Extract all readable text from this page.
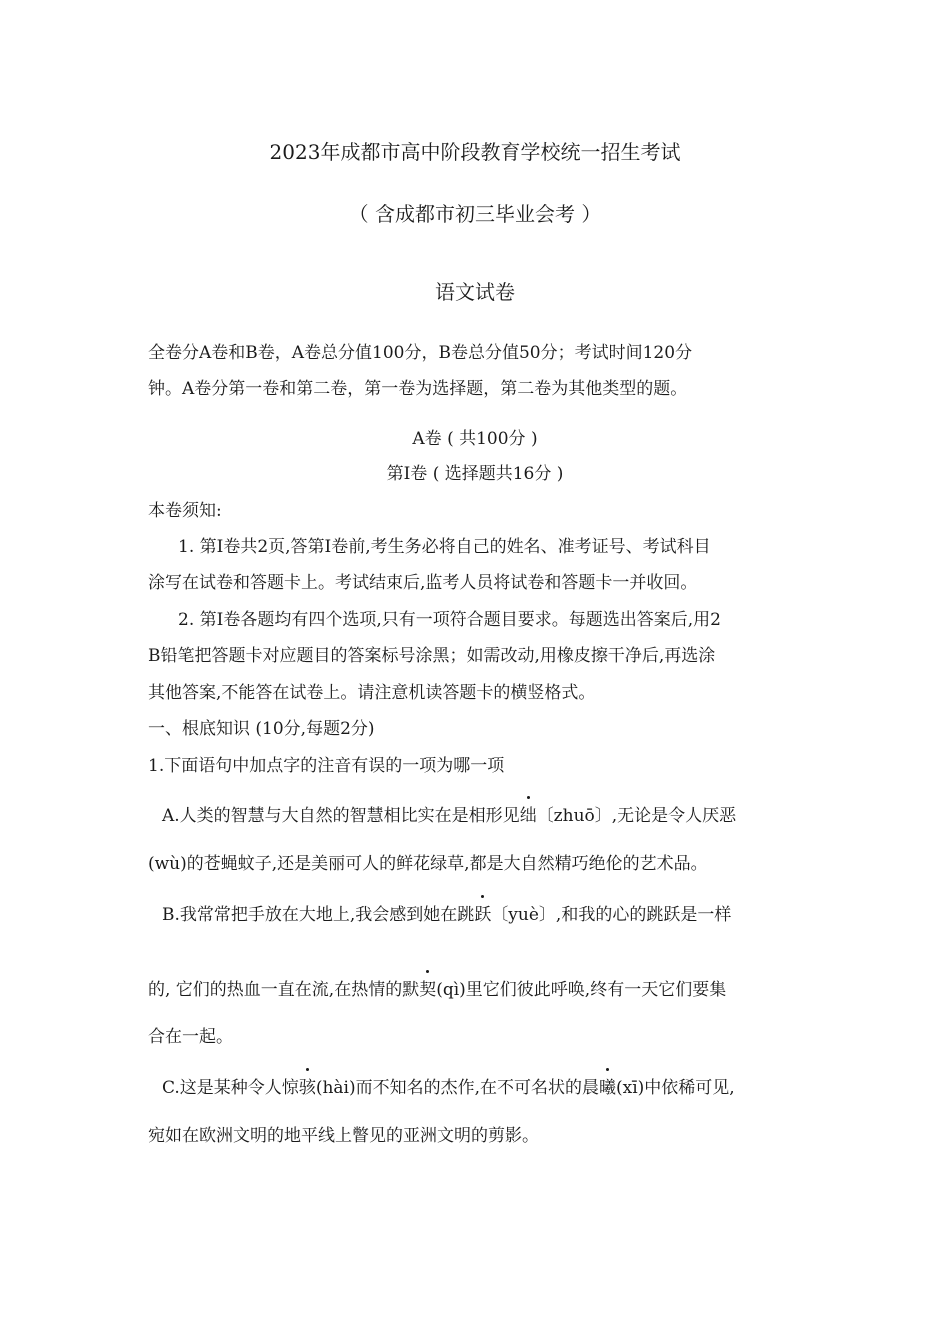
2023年成都市高中阶段教育学校统一招生考试
（ 含成都市初三毕业会考 ）
语文试卷
全卷分A卷和B卷，A卷总分值100分，B卷总分值50分；考试时间120分
钟。A卷分第一卷和第二卷，第一卷为选择题，第二卷为其他类型的题。
A卷 ( 共100分 )
第I卷 ( 选择题共16分 )
本卷须知:
1. 第I卷共2页,答第I卷前,考生务必将自己的姓名、准考证号、考试科目
涂写在试卷和答题卡上。考试结束后,监考人员将试卷和答题卡一并收回。
2. 第I卷各题均有四个选项,只有一项符合题目要求。每题选出答案后,用2
B铅笔把答题卡对应题目的答案标号涂黑；如需改动,用橡皮擦干净后,再选涂
其他答案,不能答在试卷上。请注意机读答题卡的横竖格式。
一、根底知识 (10分,每题2分)
1.下面语句中加点字的注音有误的一项为哪一项
A.人类的智慧与大自然的智慧相比实在是相形见绌〔zhuō〕,无论是令人厌恶
(wù)的苍蝇蚊子,还是美丽可人的鲜花绿草,都是大自然精巧绝伦的艺术品。
B.我常常把手放在大地上,我会感到她在跳跃〔yuè〕,和我的心的跳跃是一样
的, 它们的热血一直在流,在热情的默契(qì)里它们彼此呼唤,终有一天它们要集
合在一起。
C.这是某种令人惊骇(hài)而不知名的杰作,在不可名状的晨曦(xī)中依稀可见,
宛如在欧洲文明的地平线上瞥见的亚洲文明的剪影。
